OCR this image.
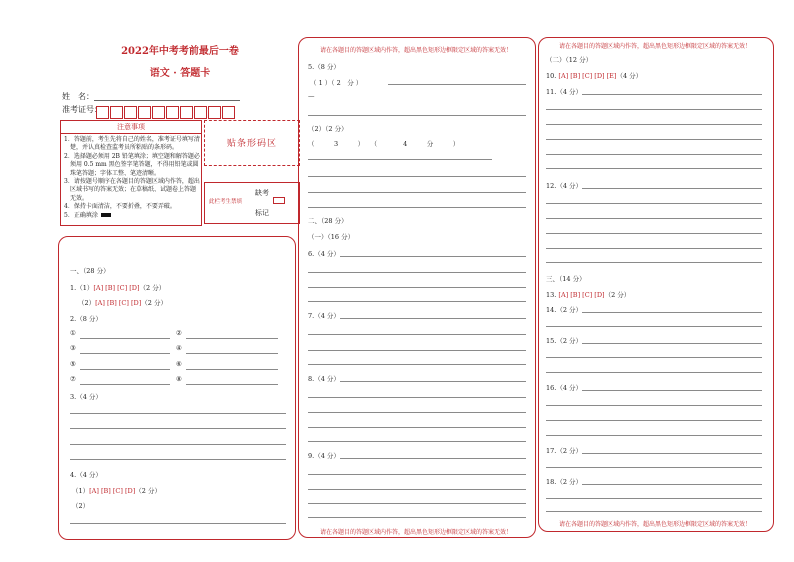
2022年中考考前最后一卷
语文 · 答题卡
姓　名：
准考证号：
注意事项
1．答题前，考生先将自己的姓名，准考证号填写清
楚，并认真检查监考员所粘贴的条形码。
2．选择题必须用 2B 铅笔填涂；填空题和解答题必
须用 0.5 mm 黑色签字笔答题，不得用铅笔或圆
珠笔答题；字体工整、笔迹清晰。
3．请按题号顺序在各题目的答题区域内作答，超出
区域书写的答案无效；在草稿纸、试题卷上答题
无效。
4．保持卡面清洁，不要折叠，不要弄破。
5．正确填涂
贴条形码区
缺考
此栏考生禁填
标记
一、（28 分）
1.（1）[A] [B] [C] [D]（2 分）
（2）[A] [B] [C] [D]（2 分）
2.（8 分）
①	②
③	④
⑤	⑥
⑦	⑧
3.（4 分）
4.（4 分）
（1）[A] [B] [C] [D]（2 分）
（2）
请在各题目的答题区域内作答，超出黑色矩形边框限定区域的答案无效！
请在各题目的答题区域内作答，超出黑色矩形边框限定区域的答案无效！
5.（8 分）
（ 1 ）（ 2　分 ）
—
（2）（2 分）
（　　　3　　　）　　（　　　　4　　　分　　　）
二、（28 分）
（一）（16 分）
6.（4 分）
7.（4 分）
8.（4 分）
9.（4 分）
请在各题目的答题区域内作答，超出黑色矩形边框限定区域的答案无效！
请在各题目的答题区域内作答，超出黑色矩形边框限定区域的答案无效！
（二）（12 分）
10. [A] [B] [C] [D] [E]（4 分）
11.（4 分）
12.（4 分）
三、（14 分）
13. [A] [B] [C] [D]（2 分）
14.（2 分）
15.（2 分）
16.（4 分）
17.（2 分）
18.（2 分）
